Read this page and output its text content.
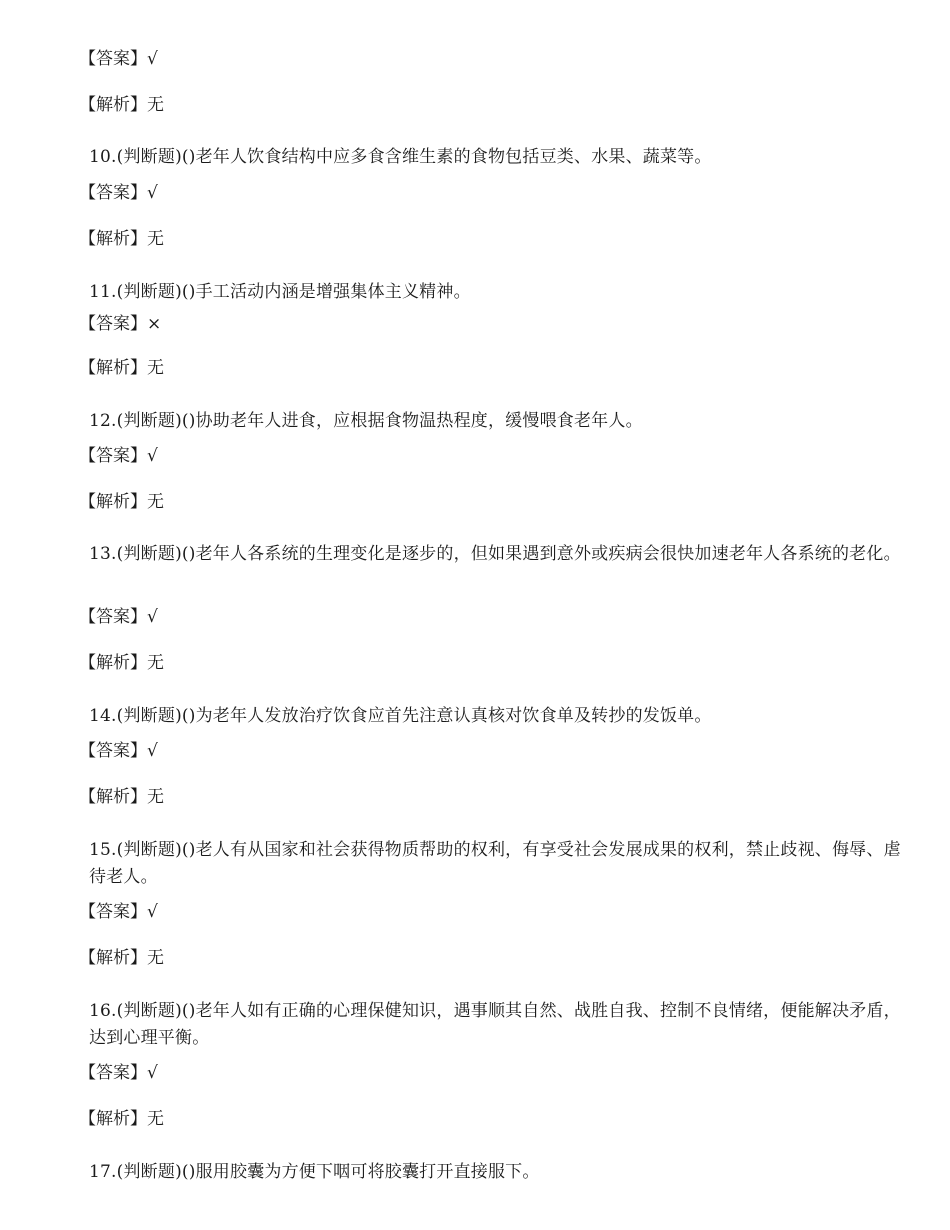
【答案】√
【解析】无
10.(判断题)()老年人饮食结构中应多食含维生素的食物包括豆类、水果、蔬菜等。
【答案】√
【解析】无
11.(判断题)()手工活动内涵是增强集体主义精神。
【答案】×
【解析】无
12.(判断题)()协助老年人进食，应根据食物温热程度，缓慢喂食老年人。
【答案】√
【解析】无
13.(判断题)()老年人各系统的生理变化是逐步的，但如果遇到意外或疾病会很快加速老年人各系统的老化。
【答案】√
【解析】无
14.(判断题)()为老年人发放治疗饮食应首先注意认真核对饮食单及转抄的发饭单。
【答案】√
【解析】无
15.(判断题)()老人有从国家和社会获得物质帮助的权利，有享受社会发展成果的权利，禁止歧视、侮辱、虐待老人。
【答案】√
【解析】无
16.(判断题)()老年人如有正确的心理保健知识，遇事顺其自然、战胜自我、控制不良情绪，便能解决矛盾，达到心理平衡。
【答案】√
【解析】无
17.(判断题)()服用胶囊为方便下咽可将胶囊打开直接服下。
